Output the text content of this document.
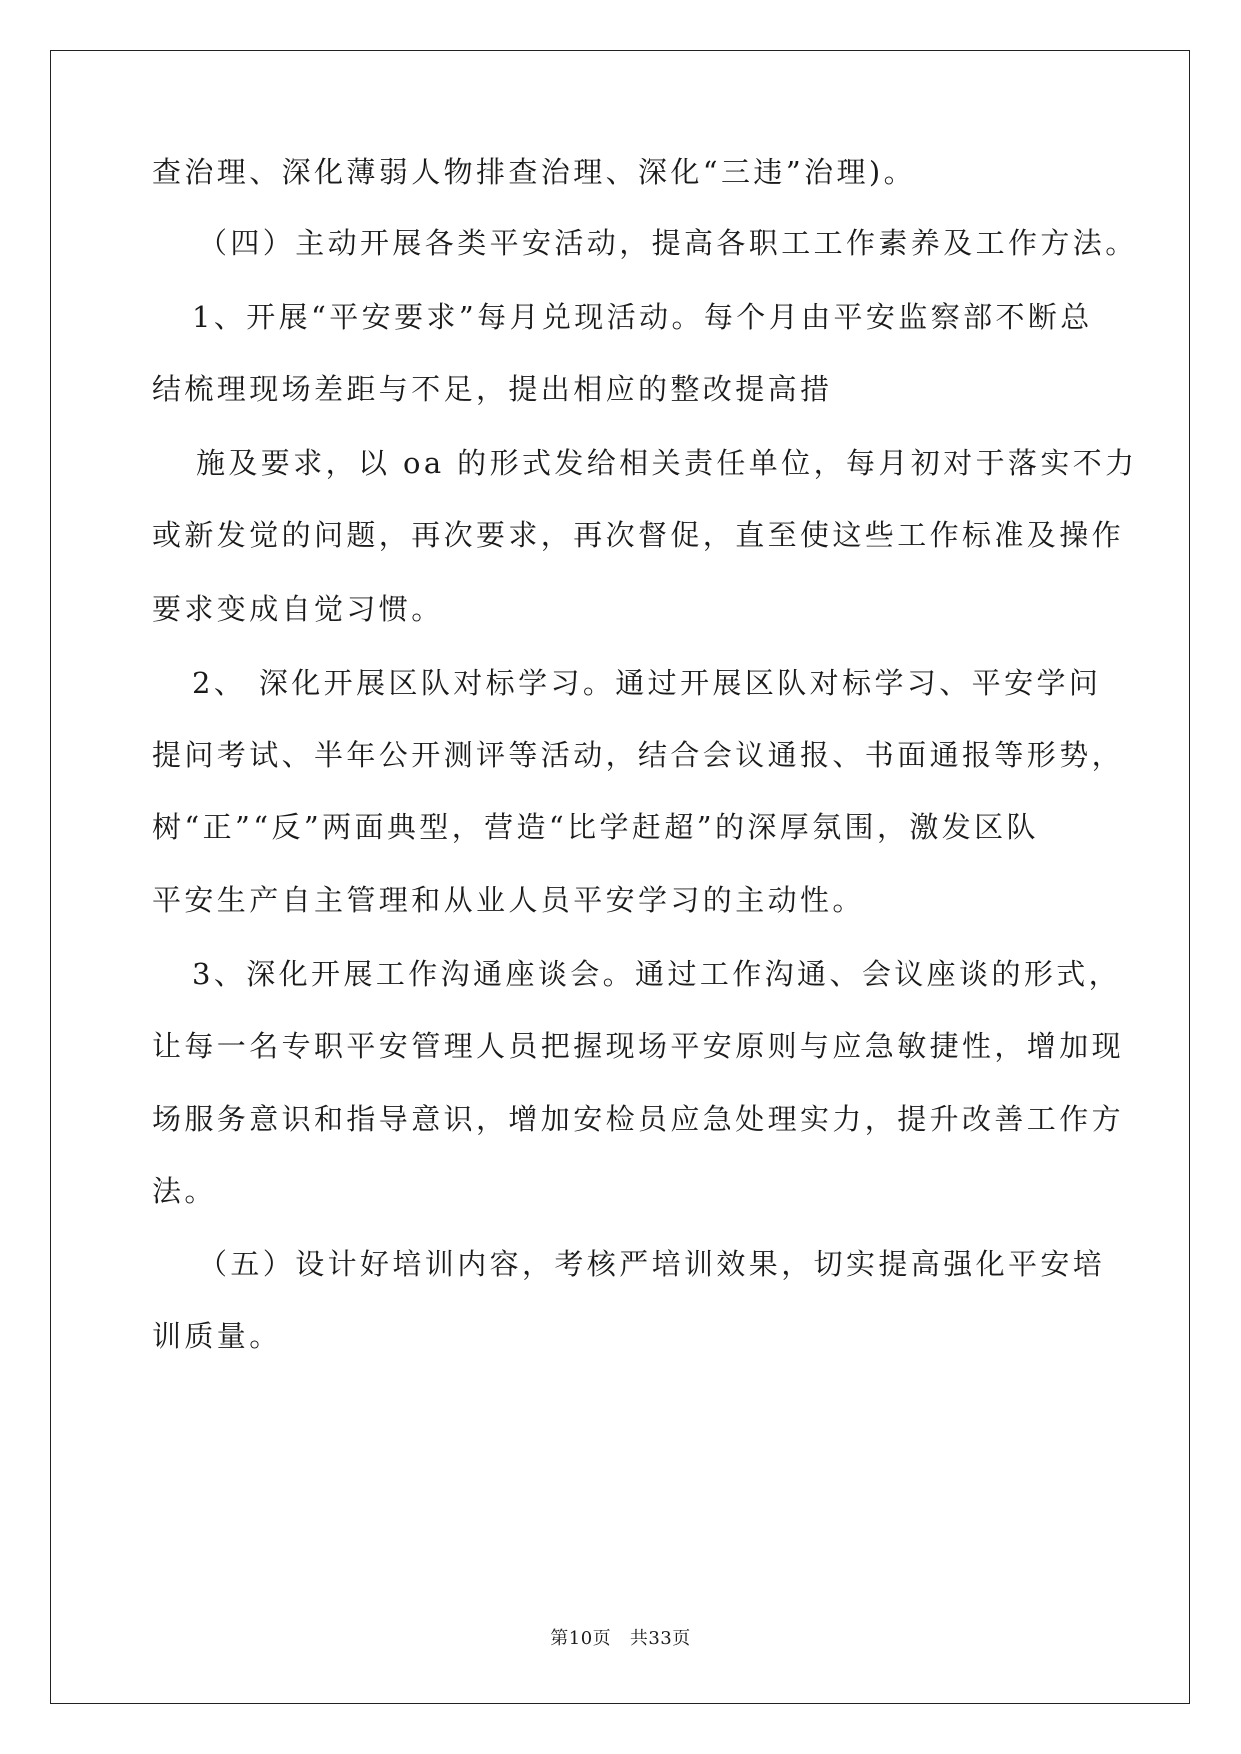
查治理、深化薄弱人物排查治理、深化“三违”治理)。
（四）主动开展各类平安活动，提高各职工工作素养及工作方法。
1、开展“平安要求”每月兑现活动。每个月由平安监察部不断总
结梳理现场差距与不足，提出相应的整改提高措
施及要求，以 oa 的形式发给相关责任单位，每月初对于落实不力
或新发觉的问题，再次要求，再次督促，直至使这些工作标准及操作
要求变成自觉习惯。
2、 深化开展区队对标学习。通过开展区队对标学习、平安学问
提问考试、半年公开测评等活动，结合会议通报、书面通报等形势，
树“正”“反”两面典型，营造“比学赶超”的深厚氛围，激发区队
平安生产自主管理和从业人员平安学习的主动性。
3、深化开展工作沟通座谈会。通过工作沟通、会议座谈的形式，
让每一名专职平安管理人员把握现场平安原则与应急敏捷性，增加现
场服务意识和指导意识，增加安检员应急处理实力，提升改善工作方
法。
（五）设计好培训内容，考核严培训效果，切实提高强化平安培
训质量。
第10页   共33页
